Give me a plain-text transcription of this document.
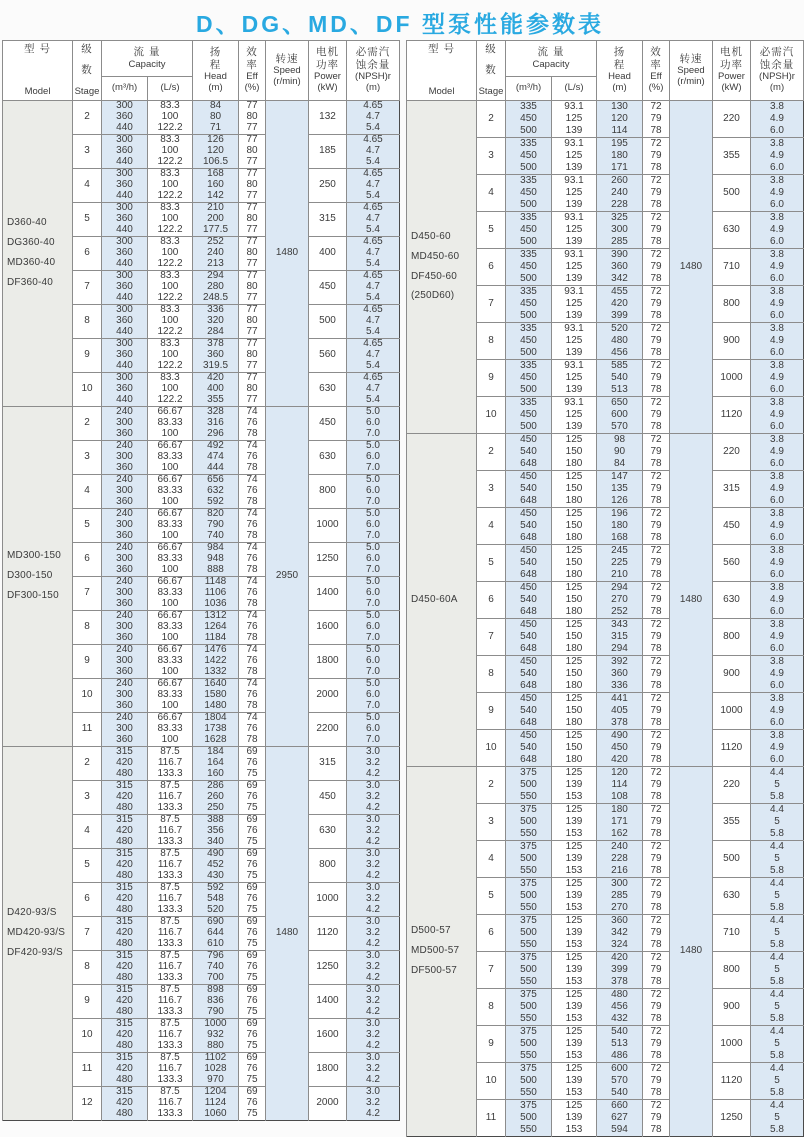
D、DG、MD、DF 型泵性能参数表
型 号
Model

级
数
Stage

流 量
Capacity

扬
程
Head
(m)

效
率
Eff
(%)

转速
Speed
(r/min)

电机
功率
Power
(kW)

必需汽
蚀余量
(NPSH)r
(m)

		(m³/h)	(L/s)					

D360-40
DG360-40
MD360-40
DF360-40	2	300	83.3	84	77	1480	132	4.65
		360	100	80	80			4.7
		440	122.2	71	77			5.4
	3	300	83.3	126	77		185	4.65
		360	100	120	80			4.7
		440	122.2	106.5	77			5.4
	4	300	83.3	168	77		250	4.65
		360	100	160	80			4.7
		440	122.2	142	77			5.4
	5	300	83.3	210	77		315	4.65
		360	100	200	80			4.7
		440	122.2	177.5	77			5.4
	6	300	83.3	252	77		400	4.65
		360	100	240	80			4.7
		440	122.2	213	77			5.4
	7	300	83.3	294	77		450	4.65
		360	100	280	80			4.7
		440	122.2	248.5	77			5.4
	8	300	83.3	336	77		500	4.65
		360	100	320	80			4.7
		440	122.2	284	77			5.4
	9	300	83.3	378	77		560	4.65
		360	100	360	80			4.7
		440	122.2	319.5	77			5.4
	10	300	83.3	420	77		630	4.65
		360	100	400	80			4.7
		440	122.2	355	77			5.4

MD300-150
D300-150
DF300-150	2	240	66.67	328	74	2950	450	5.0
		300	83.33	316	76			6.0
		360	100	296	78			7.0
	3	240	66.67	492	74		630	5.0
		300	83.33	474	76			6.0
		360	100	444	78			7.0
	4	240	66.67	656	74		800	5.0
		300	83.33	632	76			6.0
		360	100	592	78			7.0
	5	240	66.67	820	74		1000	5.0
		300	83.33	790	76			6.0
		360	100	740	78			7.0
	6	240	66.67	984	74		1250	5.0
		300	83.33	948	76			6.0
		360	100	888	78			7.0
	7	240	66.67	1148	74		1400	5.0
		300	83.33	1106	76			6.0
		360	100	1036	78			7.0
	8	240	66.67	1312	74		1600	5.0
		300	83.33	1264	76			6.0
		360	100	1184	78			7.0
	9	240	66.67	1476	74		1800	5.0
		300	83.33	1422	76			6.0
		360	100	1332	78			7.0
	10	240	66.67	1640	74		2000	5.0
		300	83.33	1580	76			6.0
		360	100	1480	78			7.0
	11	240	66.67	1804	74		2200	5.0
		300	83.33	1738	76			6.0
		360	100	1628	78			7.0

D420-93/S
MD420-93/S
DF420-93/S	2	315	87.5	184	69	1480	315	3.0
		420	116.7	164	76			3.2
		480	133.3	160	75			4.2
	3	315	87.5	286	69		450	3.0
		420	116.7	260	76			3.2
		480	133.3	250	75			4.2
	4	315	87.5	388	69		630	3.0
		420	116.7	356	76			3.2
		480	133.3	340	75			4.2
	5	315	87.5	490	69		800	3.0
		420	116.7	452	76			3.2
		480	133.3	430	75			4.2
	6	315	87.5	592	69		1000	3.0
		420	116.7	548	76			3.2
		480	133.3	520	75			4.2
	7	315	87.5	690	69		1120	3.0
		420	116.7	644	76			3.2
		480	133.3	610	75			4.2
	8	315	87.5	796	69		1250	3.0
		420	116.7	740	76			3.2
		480	133.3	700	75			4.2
	9	315	87.5	898	69		1400	3.0
		420	116.7	836	76			3.2
		480	133.3	790	75			4.2
	10	315	87.5	1000	69		1600	3.0
		420	116.7	932	76			3.2
		480	133.3	880	75			4.2
	11	315	87.5	1102	69		1800	3.0
		420	116.7	1028	76			3.2
		480	133.3	970	75			4.2
	12	315	87.5	1204	69		2000	3.0
		420	116.7	1124	76			3.2
		480	133.3	1060	75			4.2
型 号
Model

级
数
Stage

流 量
Capacity

扬
程
Head
(m)

效
率
Eff
(%)

转速
Speed
(r/min)

电机
功率
Power
(kW)

必需汽
蚀余量
(NPSH)r
(m)

		(m³/h)	(L/s)					

D450-60
MD450-60
DF450-60
(250D60)	2	335	93.1	130	72	1480	220	3.8
		450	125	120	79			4.9
		500	139	114	78			6.0
	3	335	93.1	195	72		355	3.8
		450	125	180	79			4.9
		500	139	171	78			6.0
	4	335	93.1	260	72		500	3.8
		450	125	240	79			4.9
		500	139	228	78			6.0
	5	335	93.1	325	72		630	3.8
		450	125	300	79			4.9
		500	139	285	78			6.0
	6	335	93.1	390	72		710	3.8
		450	125	360	79			4.9
		500	139	342	78			6.0
	7	335	93.1	455	72		800	3.8
		450	125	420	79			4.9
		500	139	399	78			6.0
	8	335	93.1	520	72		900	3.8
		450	125	480	79			4.9
		500	139	456	78			6.0
	9	335	93.1	585	72		1000	3.8
		450	125	540	79			4.9
		500	139	513	78			6.0
	10	335	93.1	650	72		1120	3.8
		450	125	600	79			4.9
		500	139	570	78			6.0

D450-60A	2	450	125	98	72	1480	220	3.8
		540	150	90	79			4.9
		648	180	84	78			6.0
	3	450	125	147	72		315	3.8
		540	150	135	79			4.9
		648	180	126	78			6.0
	4	450	125	196	72		450	3.8
		540	150	180	79			4.9
		648	180	168	78			6.0
	5	450	125	245	72		560	3.8
		540	150	225	79			4.9
		648	180	210	78			6.0
	6	450	125	294	72		630	3.8
		540	150	270	79			4.9
		648	180	252	78			6.0
	7	450	125	343	72		800	3.8
		540	150	315	79			4.9
		648	180	294	78			6.0
	8	450	125	392	72		900	3.8
		540	150	360	79			4.9
		648	180	336	78			6.0
	9	450	125	441	72		1000	3.8
		540	150	405	79			4.9
		648	180	378	78			6.0
	10	450	125	490	72		1120	3.8
		540	150	450	79			4.9
		648	180	420	78			6.0

D500-57
MD500-57
DF500-57	2	375	125	120	72	1480	220	4.4
		500	139	114	79			5
		550	153	108	78			5.8
	3	375	125	180	72		355	4.4
		500	139	171	79			5
		550	153	162	78			5.8
	4	375	125	240	72		500	4.4
		500	139	228	79			5
		550	153	216	78			5.8
	5	375	125	300	72		630	4.4
		500	139	285	79			5
		550	153	270	78			5.8
	6	375	125	360	72		710	4.4
		500	139	342	79			5
		550	153	324	78			5.8
	7	375	125	420	72		800	4.4
		500	139	399	79			5
		550	153	378	78			5.8
	8	375	125	480	72		900	4.4
		500	139	456	79			5
		550	153	432	78			5.8
	9	375	125	540	72		1000	4.4
		500	139	513	79			5
		550	153	486	78			5.8
	10	375	125	600	72		1120	4.4
		500	139	570	79			5
		550	153	540	78			5.8
	11	375	125	660	72		1250	4.4
		500	139	627	79			5
		550	153	594	78			5.8
